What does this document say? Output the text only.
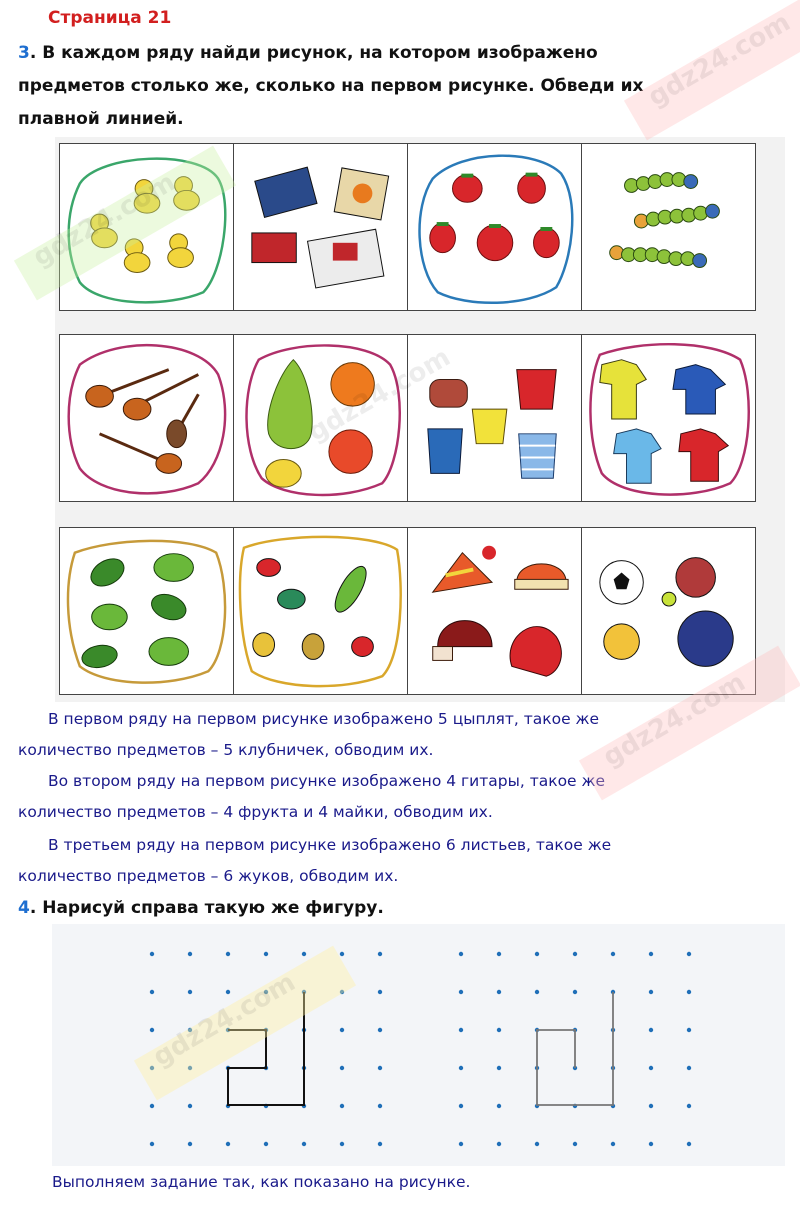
Страница 21
3. В каждом ряду найди рисунок, на котором изображено предметов столько же, сколько на первом рисунке. Обведи их плавной линией.
В первом ряду на первом рисунке изображено 5 цыплят, такое же
количество предметов – 5 клубничек, обводим их.
Во втором ряду на первом рисунке изображено 4 гитары, такое же
количество предметов – 4 фрукта и 4 майки, обводим их.
В третьем ряду на первом рисунке изображено 6 листьев, такое же
количество предметов – 6 жуков, обводим их.
4. Нарисуй справа такую же фигуру.
Выполняем задание так, как показано на рисунке.
gdz24.com
gdz24.com
